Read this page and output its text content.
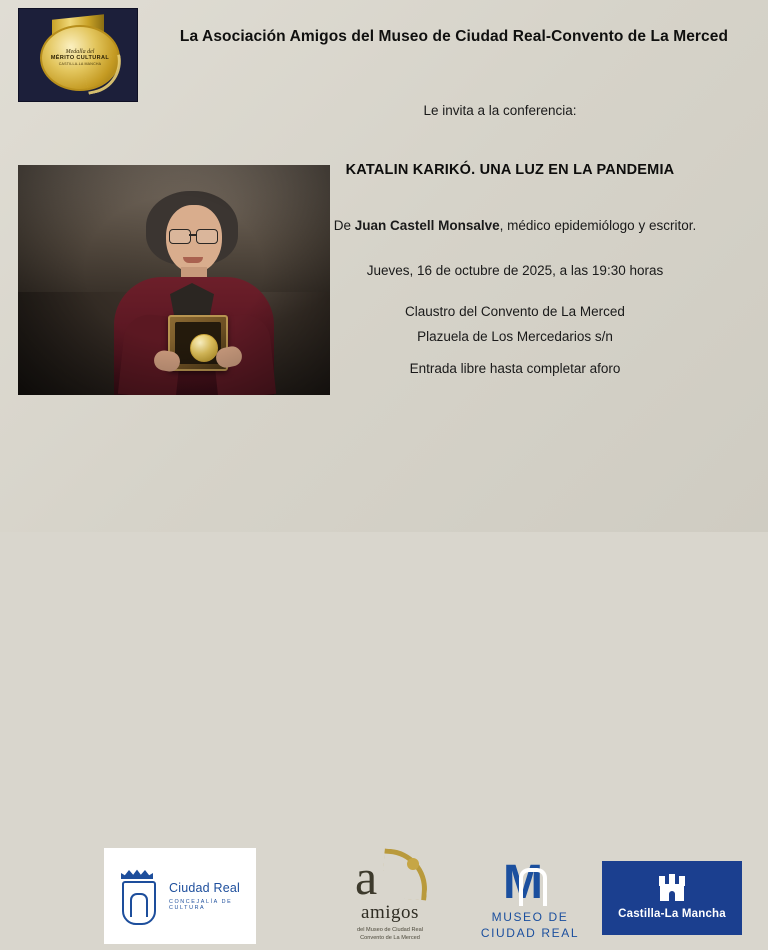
Medalla del
MÉRITO CULTURAL
CASTILLA-LA MANCHA
La Asociación Amigos del Museo de Ciudad Real-Convento de La Merced
Le invita a la conferencia:
KATALIN KARIKÓ. UNA LUZ EN LA PANDEMIA
De Juan Castell Monsalve, médico epidemiólogo y escritor.
Jueves, 16 de octubre de 2025, a las 19:30 horas
Claustro del Convento de La Merced
Plazuela de Los Mercedarios s/n
Entrada libre hasta completar aforo
Ciudad Real
CONCEJALÍA DE CULTURA
a
amigos
del Museo de Ciudad Real
Convento de La Merced
M
MUSEO DE
CIUDAD REAL
Castilla-La Mancha
